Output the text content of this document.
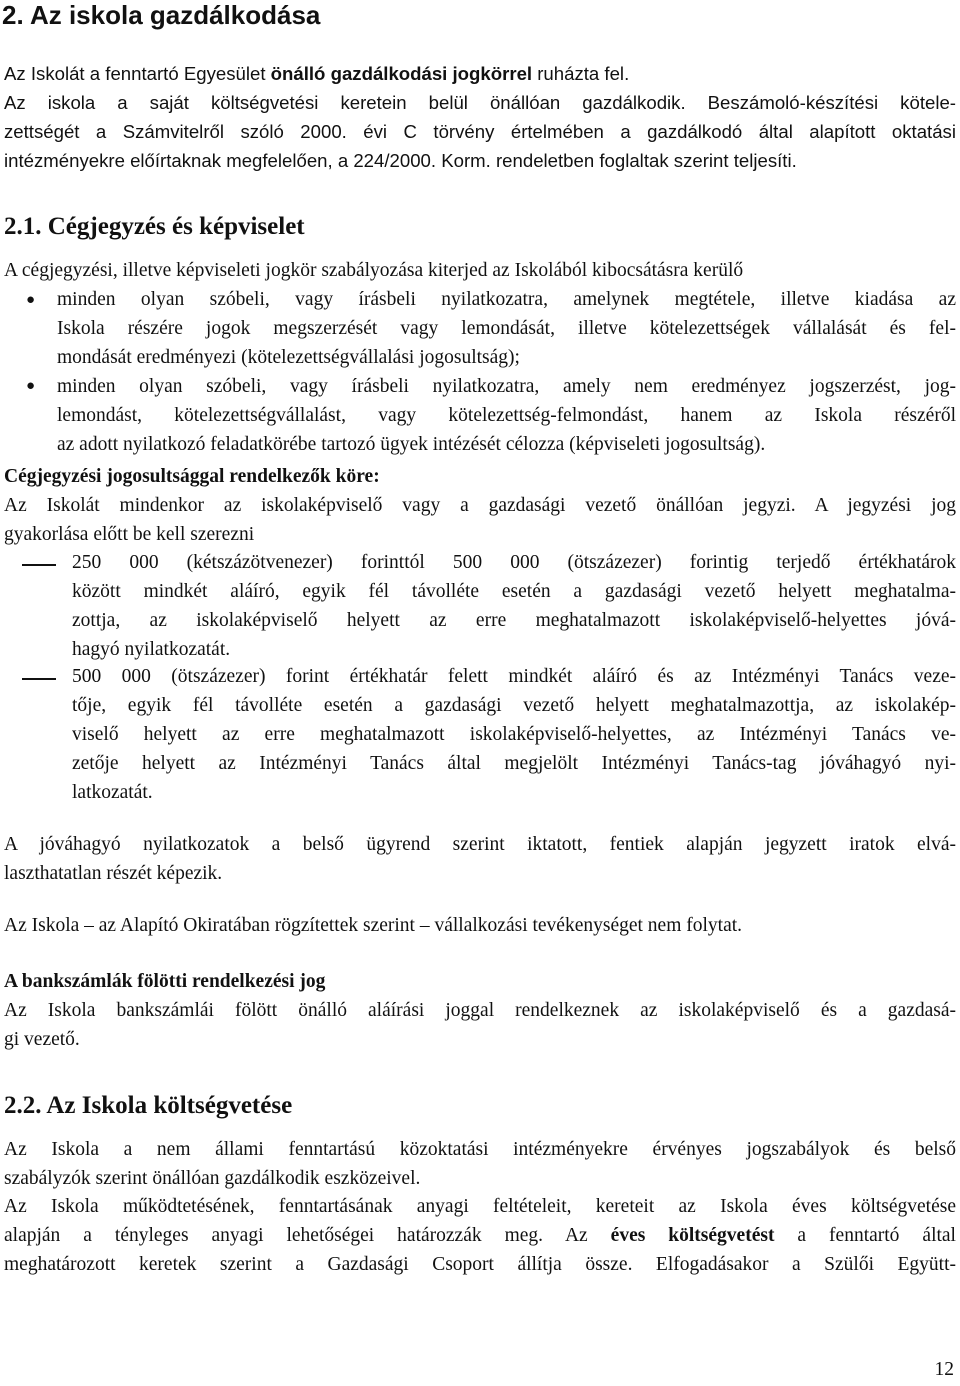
2. Az iskola gazdálkodása
Az Iskolát a fenntartó Egyesület önálló gazdálkodási jogkörrel ruházta fel.
Az iskola a saját költségvetési keretein belül önállóan gazdálkodik. Beszámoló-készítési kötele-
zettségét a Számvitelről szóló 2000. évi C törvény értelmében a gazdálkodó által alapított oktatási
intézményekre előírtaknak megfelelően, a 224/2000. Korm. rendeletben foglaltak szerint teljesíti.
2.1. Cégjegyzés és képviselet
A cégjegyzési, illetve képviseleti jogkör szabályozása kiterjed az Iskolából kibocsátásra kerülő
● minden olyan szóbeli, vagy írásbeli nyilatkozatra, amelynek megtétele, illetve kiadása az
Iskola részére jogok megszerzését vagy lemondását, illetve kötelezettségek vállalását és fel-
mondását eredményezi (kötelezettségvállalási jogosultság);
● minden olyan szóbeli, vagy írásbeli nyilatkozatra, amely nem eredményez jogszerzést, jog-
lemondást, kötelezettségvállalást, vagy kötelezettség-felmondást, hanem az Iskola részéről
az adott nyilatkozó feladatkörébe tartozó ügyek intézését célozza (képviseleti jogosultság).
Cégjegyzési jogosultsággal rendelkezők köre:
Az Iskolát mindenkor az iskolaképviselő vagy a gazdasági vezető önállóan jegyzi. A jegyzési jog
gyakorlása előtt be kell szerezni
250 000 (kétszázötvenezer) forinttól 500 000 (ötszázezer) forintig terjedő értékhatárok
között mindkét aláíró, egyik fél távolléte esetén a gazdasági vezető helyett meghatalma-
zottja, az iskolaképviselő helyett az erre meghatalmazott iskolaképviselő-helyettes jóvá-
hagyó nyilatkozatát.
500 000 (ötszázezer) forint értékhatár felett mindkét aláíró és az Intézményi Tanács veze-
tője, egyik fél távolléte esetén a gazdasági vezető helyett meghatalmazottja, az iskolakép-
viselő helyett az erre meghatalmazott iskolaképviselő-helyettes, az Intézményi Tanács ve-
zetője helyett az Intézményi Tanács által megjelölt Intézményi Tanács-tag jóváhagyó nyi-
latkozatát.
A jóváhagyó nyilatkozatok a belső ügyrend szerint iktatott, fentiek alapján jegyzett iratok elvá-
laszthatatlan részét képezik.
Az Iskola – az Alapító Okiratában rögzítettek szerint – vállalkozási tevékenységet nem folytat.
A bankszámlák fölötti rendelkezési jog
Az Iskola bankszámlái fölött önálló aláírási joggal rendelkeznek az iskolaképviselő és a gazdasá-
gi vezető.
2.2. Az Iskola költségvetése
Az Iskola a nem állami fenntartású közoktatási intézményekre érvényes jogszabályok és belső
szabályzók szerint önállóan gazdálkodik eszközeivel.
Az Iskola működtetésének, fenntartásának anyagi feltételeit, kereteit az Iskola éves költségvetése
alapján a tényleges anyagi lehetőségei határozzák meg. Az éves költségvetést a fenntartó által
meghatározott keretek szerint a Gazdasági Csoport állítja össze. Elfogadásakor a Szülői Együtt-
12
